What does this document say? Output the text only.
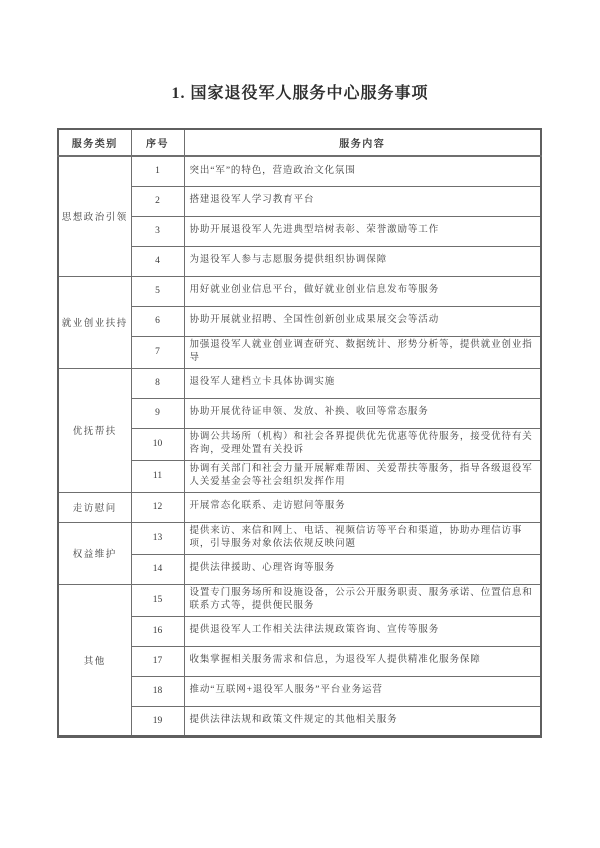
1. 国家退役军人服务中心服务事项
服务类别	序号	服务内容
思想政治引领	1	突出“军”的特色，营造政治文化氛围
	2	搭建退役军人学习教育平台
	3	协助开展退役军人先进典型培树表彰、荣誉激励等工作
	4	为退役军人参与志愿服务提供组织协调保障
就业创业扶持	5	用好就业创业信息平台，做好就业创业信息发布等服务
	6	协助开展就业招聘、全国性创新创业成果展交会等活动
	7	加强退役军人就业创业调查研究、数据统计、形势分析等，提供就业创业指导
优抚帮扶	8	退役军人建档立卡具体协调实施
	9	协助开展优待证申领、发放、补换、收回等常态服务
	10	协调公共场所（机构）和社会各界提供优先优惠等优待服务，接受优待有关咨询，受理处置有关投诉
	11	协调有关部门和社会力量开展解难帮困、关爱帮扶等服务，指导各级退役军人关爱基金会等社会组织发挥作用
走访慰问	12	开展常态化联系、走访慰问等服务
权益维护	13	提供来访、来信和网上、电话、视频信访等平台和渠道，协助办理信访事项，引导服务对象依法依规反映问题
	14	提供法律援助、心理咨询等服务
其他	15	设置专门服务场所和设施设备，公示公开服务职责、服务承诺、位置信息和联系方式等，提供便民服务
	16	提供退役军人工作相关法律法规政策咨询、宣传等服务
	17	收集掌握相关服务需求和信息，为退役军人提供精准化服务保障
	18	推动“互联网+退役军人服务”平台业务运营
	19	提供法律法规和政策文件规定的其他相关服务
